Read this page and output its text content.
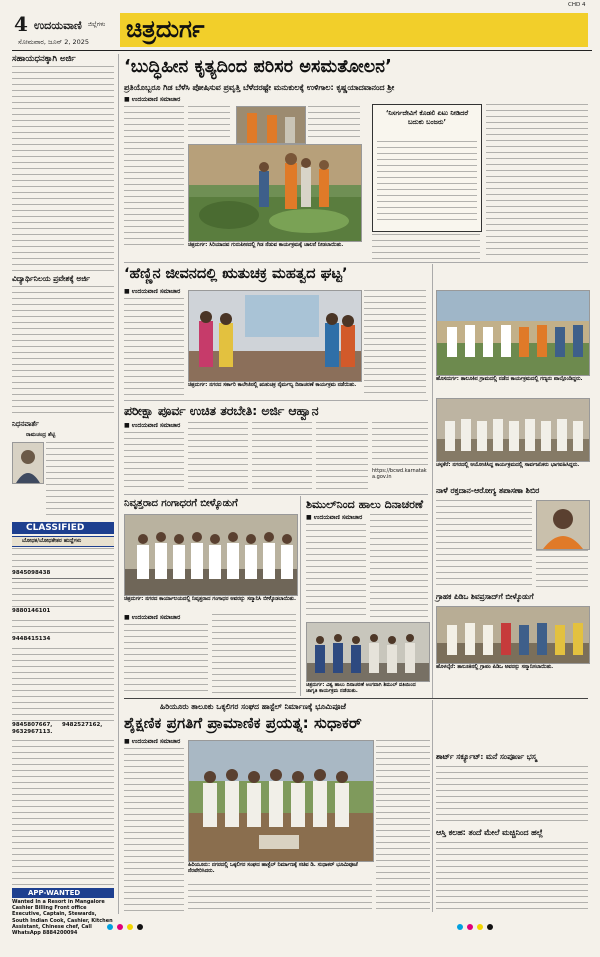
4 ಉದಯವಾಣಿ ಜಿಲ್ಲೆಗಳು
ಸೋಮವಾರ, ಜೂನ್ 2, 2025 ಚಿತ್ರದುರ್ಗ
CHD 4
ಸಹಾಯಧನಕ್ಕಾಗಿ ಅರ್ಜಿ
ವಿದ್ಯಾರ್ಥಿನಿಲಯ ಪ್ರವೇಶಕ್ಕೆ ಅರ್ಜಿ
ನಿಧನವಾರ್ತೆ
ರಾಮಚಂದ್ರ ಶೆಟ್ಟಿ
CLASSIFIED
ಬೋಧಕ/ಬೋಧಕೇತರ ಹುದ್ದೆಗಳು
9845098438
9880146101
9448415134
9845807667, 9482527162,
9632967113.
APP-WANTED
Wanted In a Resort in Mangalore Cashier Billing Front office Executive, Captain, Stewards, South Indian Cook, Cashier, Kitchen Assistant, Chinese chef, Call WhatsApp 8884200094
‘ಬುದ್ಧಿಹೀನ ಕೃತ್ಯದಿಂದ ಪರಿಸರ ಅಸಮತೋಲನ’
ಪ್ರತಿಯೊಬ್ಬರೂ ಗಿಡ ಬೆಳೆಸಿ ಪೋಷಿಸುವ ಪ್ರವೃತ್ತಿ ಬೆಳೆದರಷ್ಟೇ ಮನುಕುಲಕ್ಕೆ ಉಳಿಗಾಲ: ಕೃಷ್ಣಯಾದವಾನಂದ ಶ್ರೀ
■ ಉದಯವಾಣಿ ಸಮಾಚಾರ
ಚಿತ್ರದುರ್ಗ: ಸಿರಿಯಾದವ ಗುರುಪೀಠದಲ್ಲಿ ಗಿಡ ನೆಡುವ ಕಾರ್ಯಕ್ರಮಕ್ಕೆ ಚಾಲನೆ ನೀಡಲಾಯಿತು.
‘ನಿಸರ್ಗದೇವಿಗೆ ಕೊಡಲಿ ಏಟು ನೀಡಿದರೆ ಬದುಕು ಬಂಜರು’
‘ಹೆಣ್ಣಿನ ಜೀವನದಲ್ಲಿ ಋತುಚಕ್ರ ಮಹತ್ವದ ಘಟ್ಟ’
■ ಉದಯವಾಣಿ ಸಮಾಚಾರ
ಚಿತ್ರದುರ್ಗ: ನಗರದ ಸರ್ಕಾರಿ ಕಾಲೇಜಿನಲ್ಲಿ ಋತುಚಕ್ರ ನೈರ್ಮಲ್ಯ ದಿನಾಚರಣೆ ಕಾರ್ಯಕ್ರಮ ನಡೆಯಿತು.
ಪರೀಕ್ಷಾ ಪೂರ್ವ ಉಚಿತ ತರಬೇತಿ: ಅರ್ಜಿ ಆಹ್ವಾನ
■ ಉದಯವಾಣಿ ಸಮಾಚಾರ
https://bcwd.karnataka.gov.in
ನಿವೃತ್ತರಾದ ಗಂಗಾಧರಗೆ ಬೀಳ್ಕೊಡುಗೆ
ಚಿತ್ರದುರ್ಗ: ನಗರದ ಕಾರ್ಯಾಲಯದಲ್ಲಿ ನಿವೃತ್ತರಾದ ಗಂಗಾಧರ ಅವರನ್ನು ಸನ್ಮಾನಿಸಿ ಬೀಳ್ಕೊಡಲಾಯಿತು.
■ ಉದಯವಾಣಿ ಸಮಾಚಾರ
ಶಿಮುಲ್‌ನಿಂದ ಹಾಲು ದಿನಾಚರಣೆ
■ ಉದಯವಾಣಿ ಸಮಾಚಾರ
ಚಿತ್ರದುರ್ಗ: ವಿಶ್ವ ಹಾಲು ದಿನಾಚರಣೆ ಅಂಗವಾಗಿ ಶಿಮುಲ್ ವತಿಯಿಂದ ಜಾಗೃತಿ ಕಾರ್ಯಕ್ರಮ ನಡೆಯಿತು.
ಹೊಸದುರ್ಗ: ತಾಲೂಕಿನ ಗ್ರಾಮದಲ್ಲಿ ನಡೆದ ಕಾರ್ಯಕ್ರಮದಲ್ಲಿ ಗಣ್ಯರು ಪಾಲ್ಗೊಂಡಿದ್ದರು.
ಚಳ್ಳಕೆರೆ: ನಗರದಲ್ಲಿ ಆಯೋಜಿಸಿದ್ದ ಕಾರ್ಯಕ್ರಮದಲ್ಲಿ ಸಾರ್ವಜನಿಕರು ಭಾಗವಹಿಸಿದ್ದರು.
ನಾಳೆ ರಕ್ತದಾನ-ಆರೋಗ್ಯ ತಪಾಸಣಾ ಶಿಬಿರ
ಗ್ರಾಹಕ ಪಿಡಿಒ ಶಿವಪ್ರಸಾದ್‌ಗೆ ಬೀಳ್ಕೊಡುಗೆ
ಹೊಳಲ್ಕೆರೆ: ತಾಲೂಕಿನಲ್ಲಿ ಗ್ರಾಪಂ ಪಿಡಿಒ ಅವರನ್ನು ಸನ್ಮಾನಿಸಲಾಯಿತು.
ಹಿರಿಯೂರು ತಾಲೂಕು ಒಕ್ಕಲಿಗರ ಸಂಘದ ಹಾಸ್ಟೆಲ್ ನಿರ್ಮಾಣಕ್ಕೆ ಭೂಮಿಪೂಜೆ
ಶೈಕ್ಷಣಿಕ ಪ್ರಗತಿಗೆ ಪ್ರಾಮಾಣಿಕ ಪ್ರಯತ್ನ: ಸುಧಾಕರ್
■ ಉದಯವಾಣಿ ಸಮಾಚಾರ
ಹಿರಿಯೂರು: ನಗರದಲ್ಲಿ ಒಕ್ಕಲಿಗರ ಸಂಘದ ಹಾಸ್ಟೆಲ್ ನಿರ್ಮಾಣಕ್ಕೆ ಸಚಿವ ಡಿ. ಸುಧಾಕರ್ ಭೂಮಿಪೂಜೆ ನೆರವೇರಿಸಿದರು.
ಶಾರ್ಟ್ ಸರ್ಕ್ಯೂಟ್: ಮನೆ ಸಂಪೂರ್ಣ ಭಸ್ಮ
ಆಸ್ತಿ ಕಲಹ: ತಂದೆ ಮೇಲೆ ಮಚ್ಚಿನಿಂದ ಹಲ್ಲೆ
